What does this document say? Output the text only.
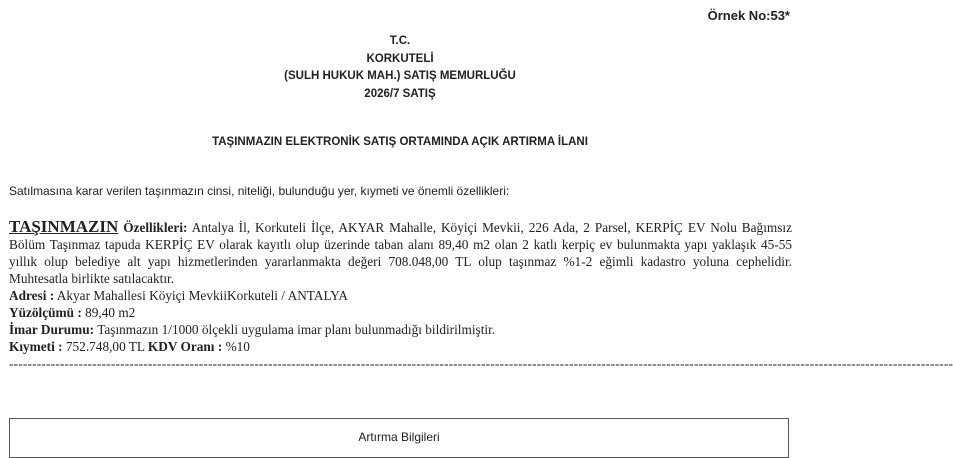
Örnek No:53*
T.C.
KORKUTELİ
(SULH HUKUK MAH.) SATIŞ MEMURLUĞU
2026/7 SATIŞ
TAŞINMAZIN ELEKTRONİK SATIŞ ORTAMINDA AÇIK ARTIRMA İLANI
Satılmasına karar verilen taşınmazın cinsi, niteliği, bulunduğu yer, kıymeti ve önemli özellikleri:

TAŞINMAZIN Özellikleri: Antalya İl, Korkuteli İlçe, AKYAR Mahalle, Köyiçi Mevkii, 226 Ada, 2 Parsel, KERPİÇ EV Nolu Bağımsız Bölüm Taşınmaz tapuda KERPİÇ EV olarak kayıtlı olup üzerinde taban alanı 89,40 m2 olan 2 katlı kerpiç ev bulunmakta yapı yaklaşık 45-55 yıllık olup belediye alt yapı hizmetlerinden yararlanmakta değeri 708.048,00 TL olup taşınmaz %1-2 eğimli kadastro yoluna cephelidir. Muhtesatla birlikte satılacaktır.

Adresi : Akyar Mahallesi Köyiçi MevkiiKorkuteli / ANTALYA

Yüzölçümü : 89,40 m2

İmar Durumu: Taşınmazın 1/1000 ölçekli uygulama imar planı bulunmadığı bildirilmiştir.

Kıymeti : 752.748,00 TL KDV Oranı : %10

------------------------------------------------------------------------------------------------------------------------------------------------------------------------------------------------------------

Artırma Bilgileri
